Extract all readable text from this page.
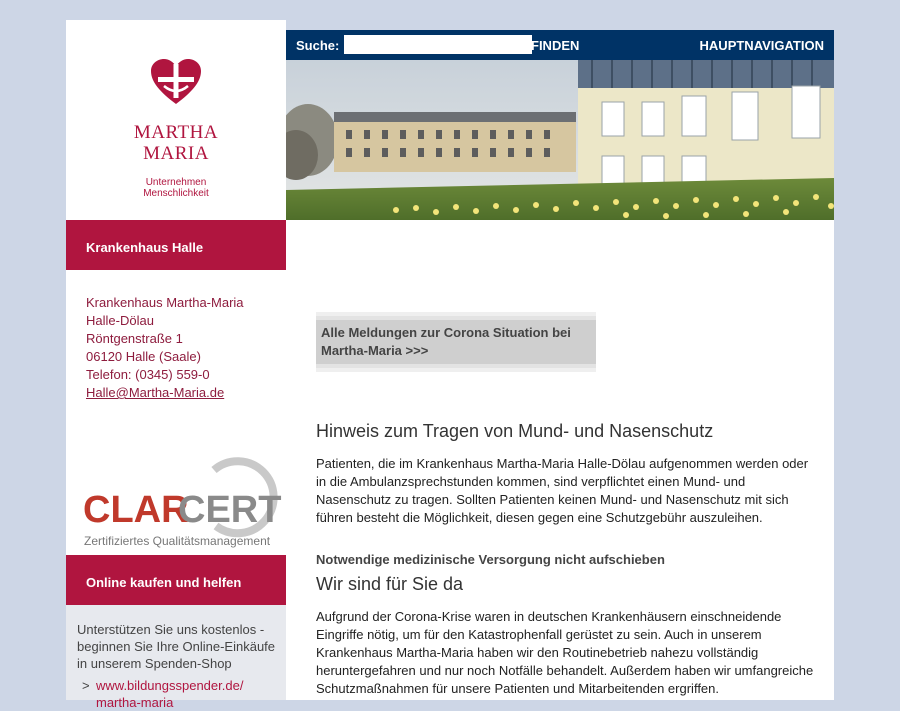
MARTHA
MARIA
Unternehmen
Menschlichkeit
Krankenhaus Halle
Krankenhaus Martha-Maria
Halle-Dölau
Röntgenstraße 1
06120 Halle (Saale)
Telefon: (0345) 559-0
Halle@Martha-Maria.de
CLAR
CERT
Zertifiziertes Qualitätsmanagement
Online kaufen und helfen
Unterstützen Sie uns kostenlos - beginnen Sie Ihre Online-Einkäufe in unserem Spenden-Shop
> www.bildungsspender.de/
martha-maria
Suche:	FINDEN	HAUPTNAVIGATION
Alle Meldungen zur Corona Situation bei Martha-Maria >>>
Hinweis zum Tragen von Mund- und Nasenschutz
Patienten, die im Krankenhaus Martha-Maria Halle-Dölau aufgenommen werden oder in die Ambulanzsprechstunden kommen, sind verpflichtet einen Mund- und Nasenschutz zu tragen. Sollten Patienten keinen Mund- und Nasenschutz mit sich führen besteht die Möglichkeit, diesen gegen eine Schutzgebühr auszuleihen.
Notwendige medizinische Versorgung nicht aufschieben
Wir sind für Sie da
Aufgrund der Corona-Krise waren in deutschen Krankenhäusern einschneidende Eingriffe nötig, um für den Katastrophenfall gerüstet zu sein. Auch in unserem Krankenhaus Martha-Maria haben wir den Routinebetrieb nahezu vollständig heruntergefahren und nur noch Notfälle behandelt. Außerdem haben wir umfangreiche Schutzmaßnahmen für unsere Patienten und Mitarbeitenden ergriffen.
